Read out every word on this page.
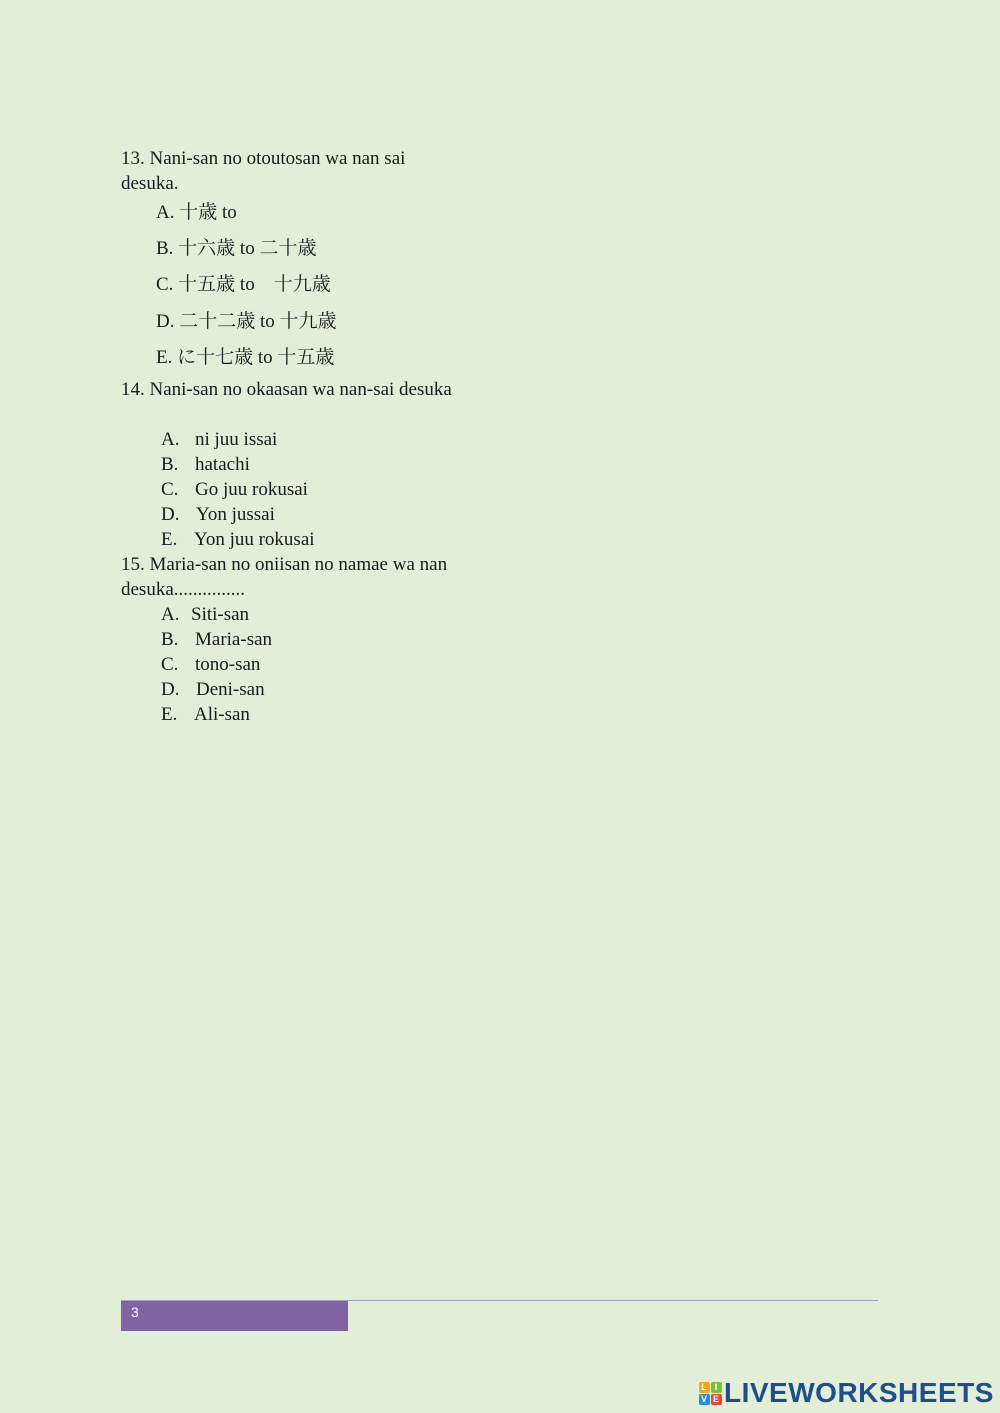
13. Nani-san no otoutosan wa nan sai desuka.
A. 十歳 to
B. 十六歳 to 二十歳
C. 十五歳 to　十九歳
D. 二十二歳 to 十九歳
E. に十七歳 to 十五歳
14. Nani-san no okaasan wa nan-sai desuka
A. ni juu issai
B. hatachi
C. Go juu rokusai
D. Yon jussai
E. Yon juu rokusai
15. Maria-san no oniisan no namae wa nan desuka...............
A. Siti-san
B. Maria-san
C. tono-san
D. Deni-san
E. Ali-san
3
L I
V E LIVEWORKSHEETS
